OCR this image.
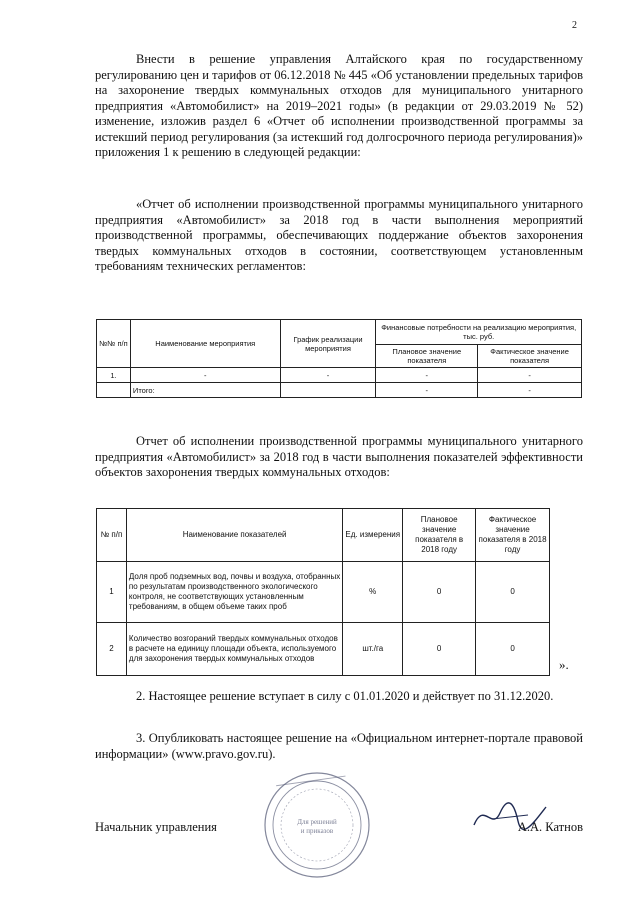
2

Внести в решение управления Алтайского края по государственному регулированию цен и тарифов от 06.12.2018 № 445 «Об установлении предельных тарифов на захоронение твердых коммунальных отходов для муниципального унитарного предприятия «Автомобилист» на 2019–2021 годы» (в редакции от 29.03.2019 № 52) изменение, изложив раздел 6 «Отчет об исполнении производственной программы за истекший период регулирования (за истекший год долгосрочного периода регулирования)» приложения 1 к решению в следующей редакции:

«Отчет об исполнении производственной программы муниципального унитарного предприятия «Автомобилист» за 2018 год в части выполнения мероприятий производственной программы, обеспечивающих поддержание объектов захоронения твердых коммунальных отходов в состоянии, соответствующем установленным требованиям технических регламентов:

№№ п/п	Наименование мероприятия	График реализации мероприятия	Финансовые потребности на реализацию мероприятия, тыс. руб.	
			Плановое значение показателя	Фактическое значение показателя
1.	-	-	-	-
	Итого:		-	-

Отчет об исполнении производственной программы муниципального унитарного предприятия «Автомобилист» за 2018 год в части выполнения показателей эффективности объектов захоронения твердых коммунальных отходов:

№ п/п	Наименование показателей	Ед. измерения	Плановое значение показателя в 2018 году	Фактическое значение показателя в 2018 году
1	Доля проб подземных вод, почвы и воздуха, отобранных по результатам производственного экологического контроля, не соответствующих установленным требованиям, в общем объеме таких проб	%	0	0
2	Количество возгораний твердых коммунальных отходов в расчете на единицу площади объекта, используемого для захоронения твердых коммунальных отходов	шт./га	0	0
».

2. Настоящее решение вступает в силу с 01.01.2020 и действует по 31.12.2020.

3. Опубликовать настоящее решение на «Официальном интернет-портале правовой информации» (www.pravo.gov.ru).

Для решений
и приказов
Начальник управления	А.А. Катнов
